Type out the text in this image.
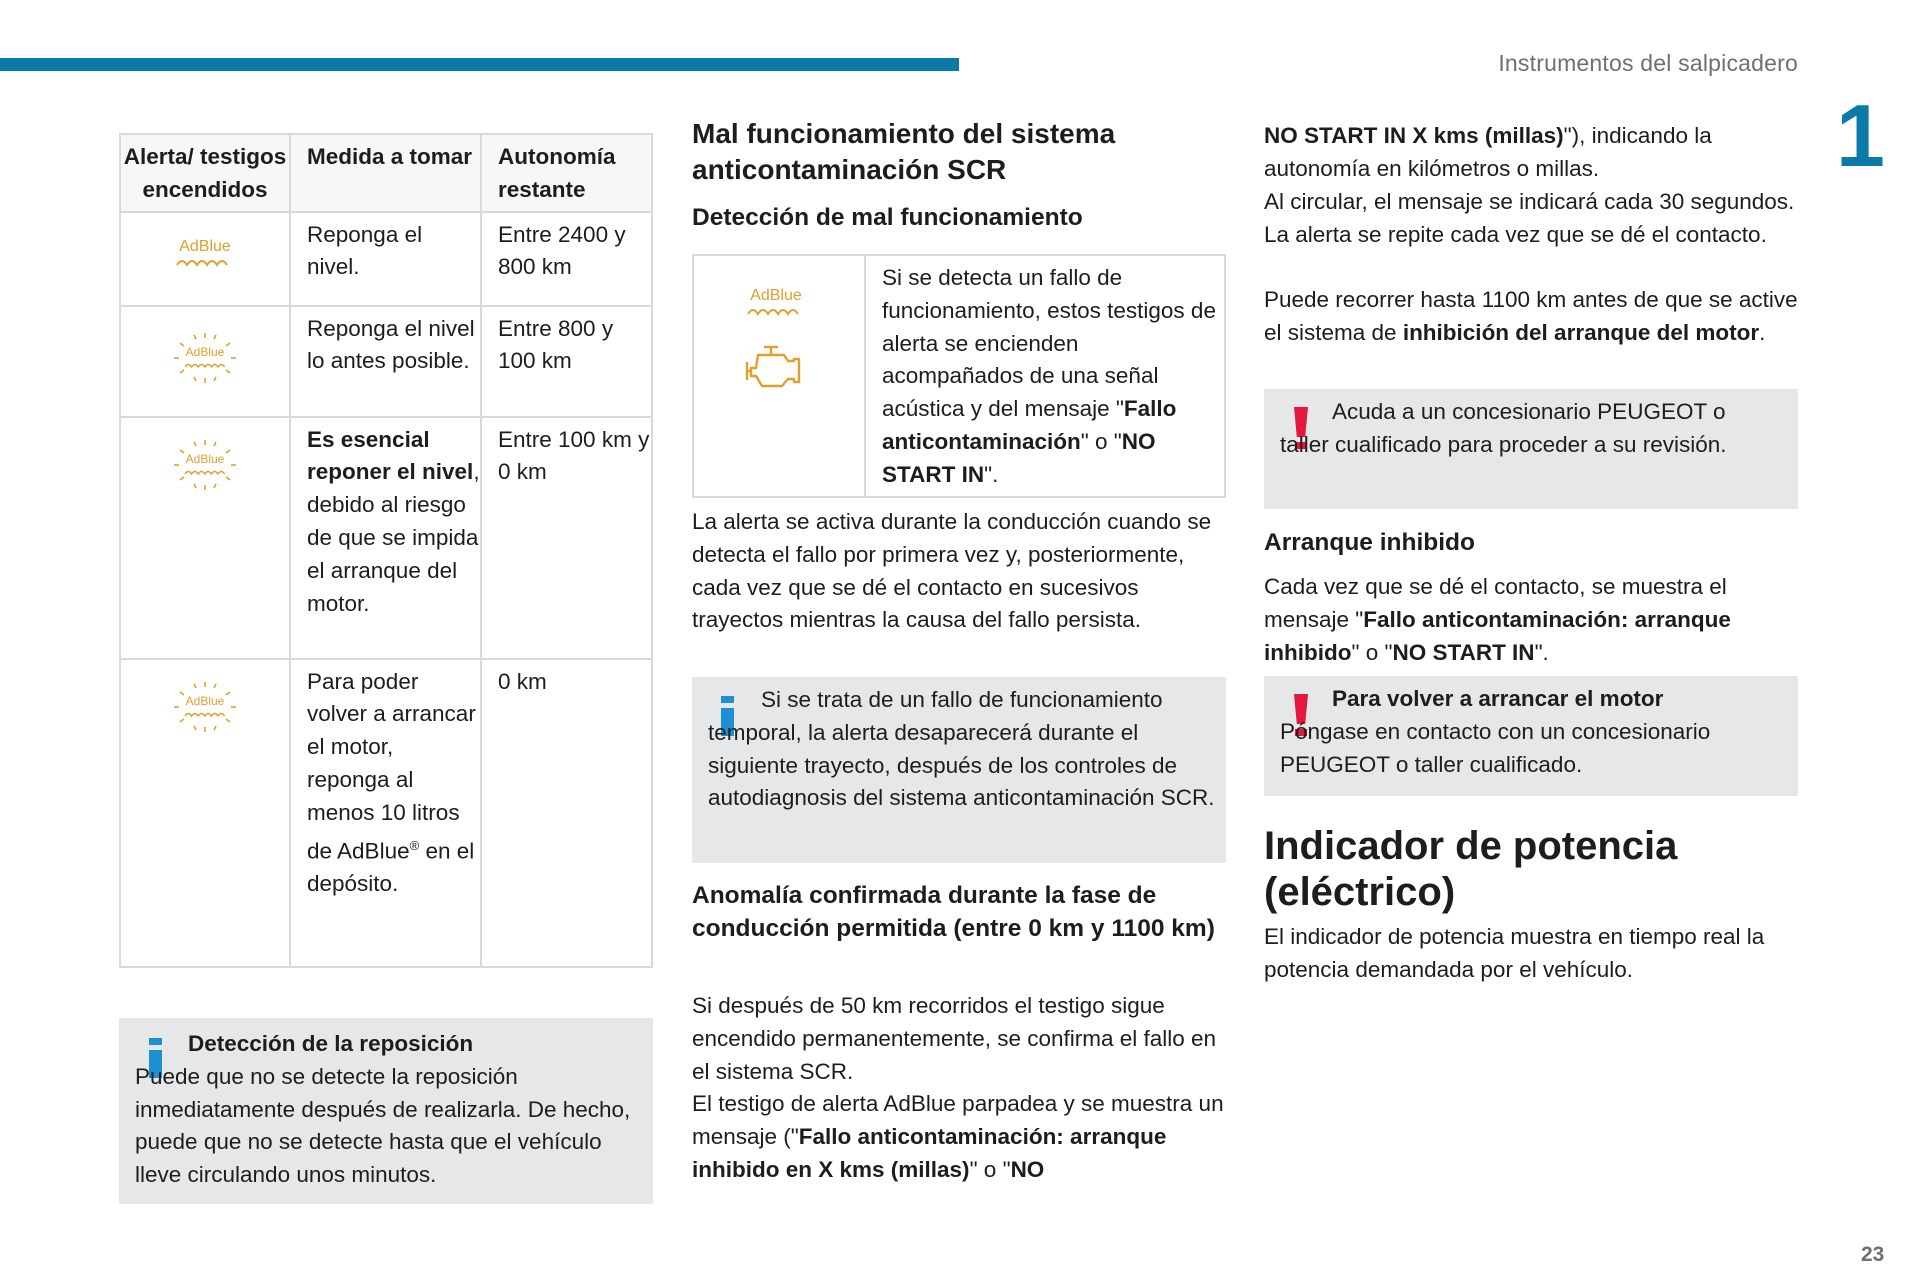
Instrumentos del salpicadero
1
Alerta/ testigos encendidos	Medida a tomar	Autonomía restante

AdBlue	Reponga el nivel.	Entre 2400 y 800 km

AdBlue	Reponga el nivel lo antes posible.	Entre 800 y 100 km

AdBlue	Es esencial reponer el nivel, debido al riesgo de que se impida el arranque del motor.	Entre 100 km y 0 km

AdBlue	Para poder volver a arrancar el motor, reponga al menos 10 litros de AdBlue® en el depósito.	0 km
Detección de la reposición
Puede que no se detecte la reposición inmediatamente después de realizarla. De hecho, puede que no se detecte hasta que el vehículo lleve circulando unos minutos.
Mal funcionamiento del sistema anticontaminación SCR
Detección de mal funcionamiento
AdBlue
Si se detecta un fallo de funcionamiento, estos testigos de alerta se encienden acompañados de una señal acústica y del mensaje "Fallo anticontaminación" o "NO START IN".
La alerta se activa durante la conducción cuando se detecta el fallo por primera vez y, posteriormente, cada vez que se dé el contacto en sucesivos trayectos mientras la causa del fallo persista.
Si se trata de un fallo de funcionamiento temporal, la alerta desaparecerá durante el siguiente trayecto, después de los controles de autodiagnosis del sistema anticontaminación SCR.
Anomalía confirmada durante la fase de conducción permitida (entre 0 km y 1100 km)
Si después de 50 km recorridos el testigo sigue encendido permanentemente, se confirma el fallo en el sistema SCR.
El testigo de alerta AdBlue parpadea y se muestra un mensaje ("Fallo anticontaminación: arranque inhibido en X kms (millas)" o "NO
NO START IN X kms (millas)"), indicando la autonomía en kilómetros o millas.
Al circular, el mensaje se indicará cada 30 segundos. La alerta se repite cada vez que se dé el contacto.
Puede recorrer hasta 1100 km antes de que se active el sistema de inhibición del arranque del motor.
Acuda a un concesionario PEUGEOT o taller cualificado para proceder a su revisión.
Arranque inhibido
Cada vez que se dé el contacto, se muestra el mensaje "Fallo anticontaminación: arranque inhibido" o "NO START IN".
Para volver a arrancar el motor
Póngase en contacto con un concesionario PEUGEOT o taller cualificado.
Indicador de potencia (eléctrico)
El indicador de potencia muestra en tiempo real la potencia demandada por el vehículo.
23
